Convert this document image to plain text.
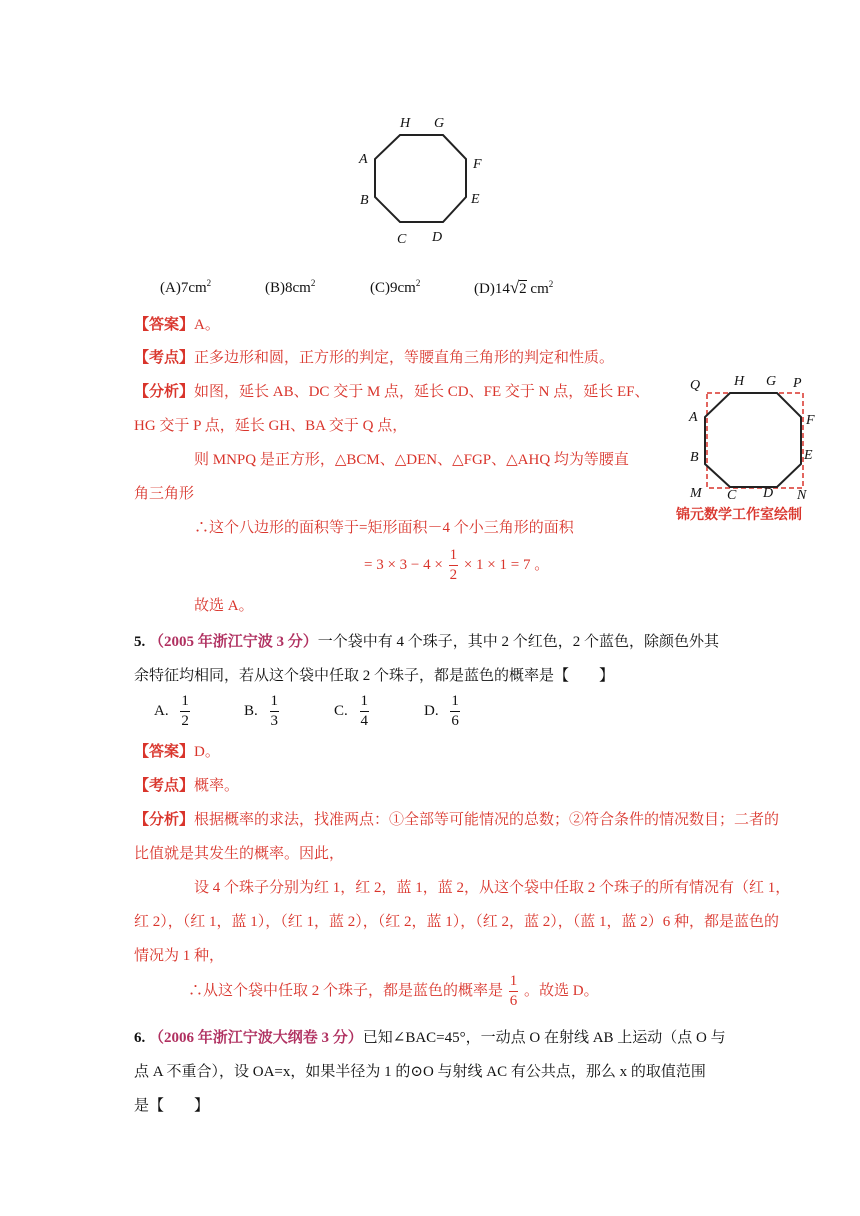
H G
A	F
B	E
C D
$(A)7cm^2$	$(B)8cm^2$	$(C)9cm^2$	(D)14√2 $cm^2$
【答案】A。
【考点】正多边形和圆，正方形的判定，等腰直角三角形的判定和性质。
【分析】如图，延长 AB、DC 交于 M 点，延长 CD、FE 交于 N 点，延长 EF、
HG 交于 P 点，延长 GH、BA 交于 Q 点，
则 MNPQ 是正方形，△BCM、△DEN、△FGP、△AHQ 均为等腰直
角三角形
∴这个八边形的面积等于=矩形面积－4 个小三角形的面积
= $3 \times 3 - 4 \times \frac{1}{2} \times 1 \times 1 = 7$ 。
故选 A。
Q H G P
A	F
B	E
M C D N
锦元数学工作室绘制
5. （2005 年浙江宁波 3 分）一个袋中有 4 个珠子，其中 2 个红色，2 个蓝色，除颜色外其
余特征均相同，若从这个袋中任取 2 个珠子，都是蓝色的概率是【　　】
A. $\frac{1}{2}$	B. $\frac{1}{3}$	C. $\frac{1}{4}$	D. $\frac{1}{6}$
【答案】D。
【考点】概率。
【分析】根据概率的求法，找准两点：①全部等可能情况的总数；②符合条件的情况数目；二者的
比值就是其发生的概率。因此，
设 4 个珠子分别为红 1，红 2，蓝 1，蓝 2，从这个袋中任取 2 个珠子的所有情况有（红 1，
红 2），（红 1，蓝 1），（红 1，蓝 2），（红 2，蓝 1），（红 2，蓝 2），（蓝 1，蓝 2）6 种，都是蓝色的
情况为 1 种，
∴从这个袋中任取 2 个珠子，都是蓝色的概率是 $\frac{1}{6}$ 。故选 D。
6. （2006 年浙江宁波大纲卷 3 分）已知∠BAC=45°，一动点 O 在射线 AB 上运动（点 O 与
点 A 不重合），设 OA=x，如果半径为 1 的⊙O 与射线 AC 有公共点，那么 x 的取值范围
是【　　】
